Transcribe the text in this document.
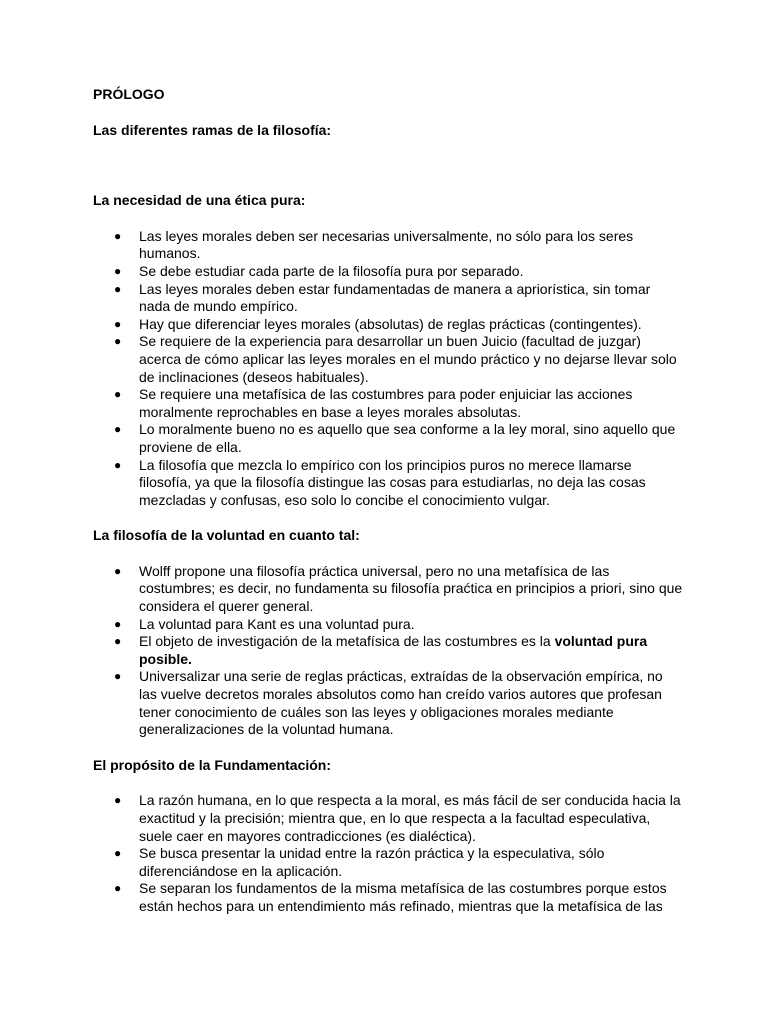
PRÓLOGO

Las diferentes ramas de la filosofía:

La necesidad de una ética pura:

● Las leyes morales deben ser necesarias universalmente, no sólo para los seres humanos.
● Se debe estudiar cada parte de la filosofía pura por separado.
● Las leyes morales deben estar fundamentadas de manera a apriorística, sin tomar nada de mundo empírico.
● Hay que diferenciar leyes morales (absolutas) de reglas prácticas (contingentes).
● Se requiere de la experiencia para desarrollar un buen Juicio (facultad de juzgar) acerca de cómo aplicar las leyes morales en el mundo práctico y no dejarse llevar solo de inclinaciones (deseos habituales).
● Se requiere una metafísica de las costumbres para poder enjuiciar las acciones moralmente reprochables en base a leyes morales absolutas.
● Lo moralmente bueno no es aquello que sea conforme a la ley moral, sino aquello que proviene de ella.
● La filosofía que mezcla lo empírico con los principios puros no merece llamarse filosofía, ya que la filosofía distingue las cosas para estudiarlas, no deja las cosas mezcladas y confusas, eso solo lo concibe el conocimiento vulgar.

La filosofía de la voluntad en cuanto tal:

● Wolff propone una filosofía práctica universal, pero no una metafísica de las costumbres; es decir, no fundamenta su filosofía praćtica en principios a priori, sino que considera el querer general.
● La voluntad para Kant es una voluntad pura.
● El objeto de investigación de la metafísica de las costumbres es la voluntad pura posible.
● Universalizar una serie de reglas prácticas, extraídas de la observación empírica, no las vuelve decretos morales absolutos como han creído varios autores que profesan tener conocimiento de cuáles son las leyes y obligaciones morales mediante generalizaciones de la voluntad humana.

El propósito de la Fundamentación:

● La razón humana, en lo que respecta a la moral, es más fácil de ser conducida hacia la exactitud y la precisión; mientra que, en lo que respecta a la facultad especulativa, suele caer en mayores contradicciones (es dialéctica).
● Se busca presentar la unidad entre la razón práctica y la especulativa, sólo diferenciándose en la aplicación.
● Se separan los fundamentos de la misma metafísica de las costumbres porque estos están hechos para un entendimiento más refinado, mientras que la metafísica de las
